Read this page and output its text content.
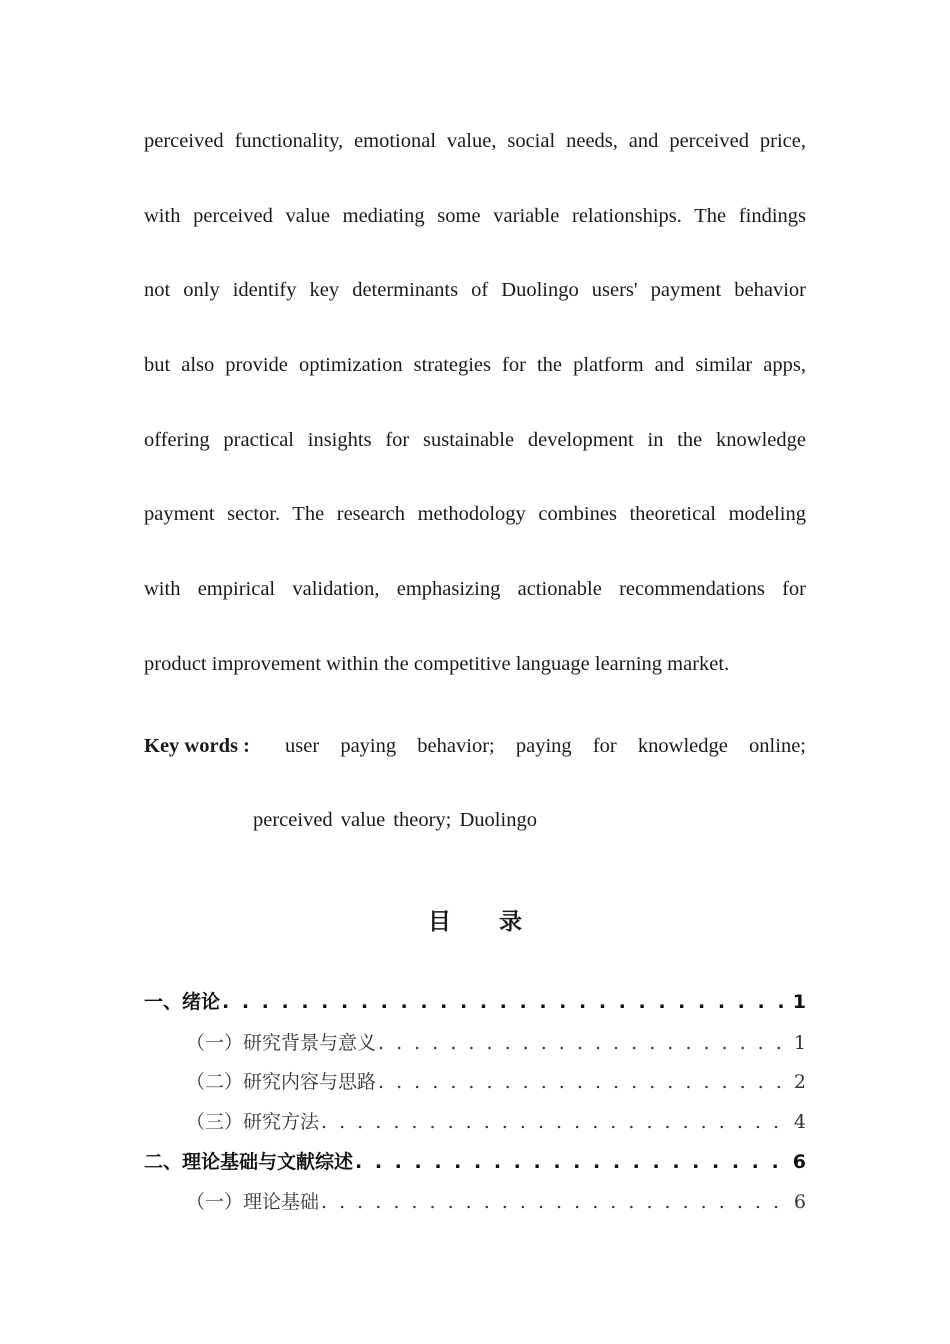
perceived functionality, emotional value, social needs, and perceived price,
with perceived value mediating some variable relationships. The findings
not only identify key determinants of Duolingo users' payment behavior
but also provide optimization strategies for the platform and similar apps,
offering practical insights for sustainable development in the knowledge
payment sector. The research methodology combines theoretical modeling
with empirical validation, emphasizing actionable recommendations for
product improvement within the competitive language learning market.
Key words : user paying behavior; paying for knowledge online;
perceived value theory; Duolingo
目录
一、绪论 . . .	1
（一）研究背景与意义 . . .	1
（二）研究内容与思路 . . .	2
（三）研究方法 . . .	4
二、理论基础与文献综述 . . .	6
（一）理论基础 . . .	6
